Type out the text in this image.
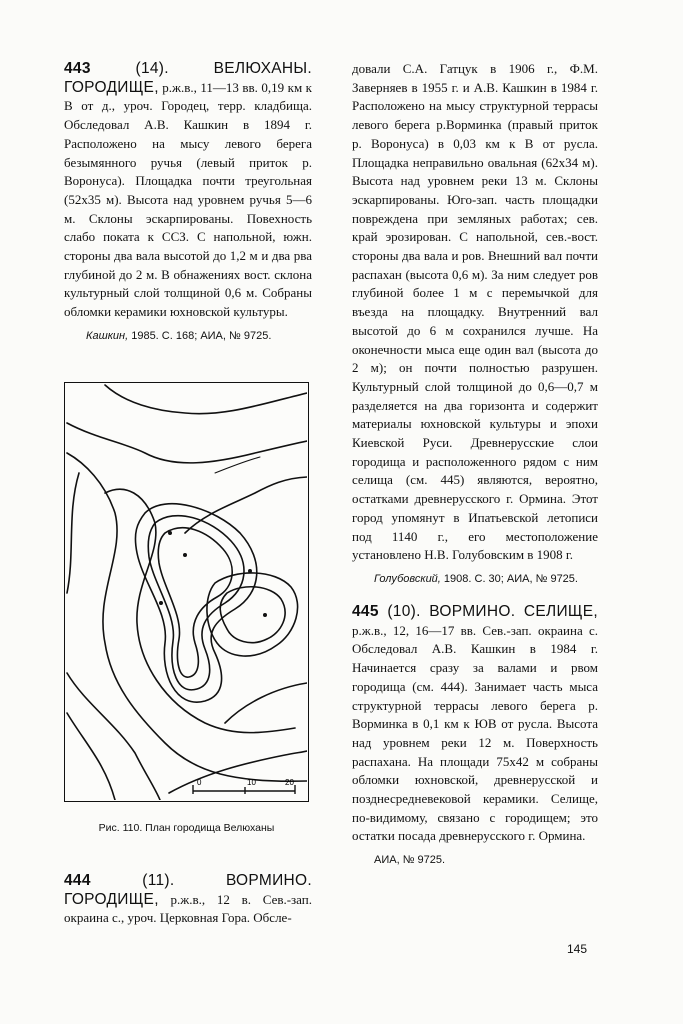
443 (14). ВЕЛЮХАНЫ. ГОРОДИЩЕ, р.ж.в., 11—13 вв. 0,19 км к В от д., уроч. Городец, терр. кладбища. Обследовал А.В. Кашкин в 1894 г. Расположено на мысу левого берега безымянного ручья (левый приток р. Воронуса). Площадка почти треугольная (52х35 м). Высота над уровнем ручья 5—6 м. Склоны эскарпированы. Повехность слабо поката к ССЗ. С напольной, южн. стороны два вала высотой до 1,2 м и два рва глубиной до 2 м. В обнажениях вост. склона культурный слой толщиной 0,6 м. Собраны обломки керамики юхновской культуры.

Кашкин, 1985. С. 168; АИА, № 9725.

0	10	20
Рис. 110. План городища Велюханы

444 (11). ВОРМИНО. ГОРОДИЩЕ, р.ж.в., 12 в. Сев.-зап. окраина с., уроч. Церковная Гора. Обсле-

довали С.А. Гатцук в 1906 г., Ф.М. Заверняев в 1955 г. и А.В. Кашкин в 1984 г. Расположено на мысу структурной террасы левого берега р.Ворминка (правый приток р. Воронуса) в 0,03 км к В от русла. Площадка неправильно овальная (62х34 м). Высота над уровнем реки 13 м. Склоны эскарпированы. Юго-зап. часть площадки повреждена при земляных работах; сев. край эрозирован. С напольной, сев.-вост. стороны два вала и ров. Внешний вал почти распахан (высота 0,6 м). За ним следует ров глубиной более 1 м с перемычкой для въезда на площадку. Внутренний вал высотой до 6 м сохранился лучше. На оконечности мыса еще один вал (высота до 2 м); он почти полностью разрушен. Культурный слой толщиной до 0,6—0,7 м разделяется на два горизонта и содержит материалы юхновской культуры и эпохи Киевской Руси. Древнерусские слои городища и расположенного рядом с ним селища (см. 445) являются, вероятно, остатками древнерусского г. Ормина. Этот город упомянут в Ипатьевской летописи под 1140 г., его местоположение установлено Н.В. Голубовским в 1908 г.

Голубовский, 1908. С. 30; АИА, № 9725.

445 (10). ВОРМИНО. СЕЛИЩЕ, р.ж.в., 12, 16—17 вв. Сев.-зап. окраина с. Обследовал А.В. Кашкин в 1984 г. Начинается сразу за валами и рвом городища (см. 444). Занимает часть мыса структурной террасы левого берега р. Ворминка в 0,1 км к ЮВ от русла. Высота над уровнем реки 12 м. Поверхность распахана. На площади 75х42 м собраны обломки юхновской, древнерусской и позднесредневековой керамики. Селище, по-видимому, связано с городищем; это остатки посада древнерусского г. Ормина.

АИА, № 9725.

145
